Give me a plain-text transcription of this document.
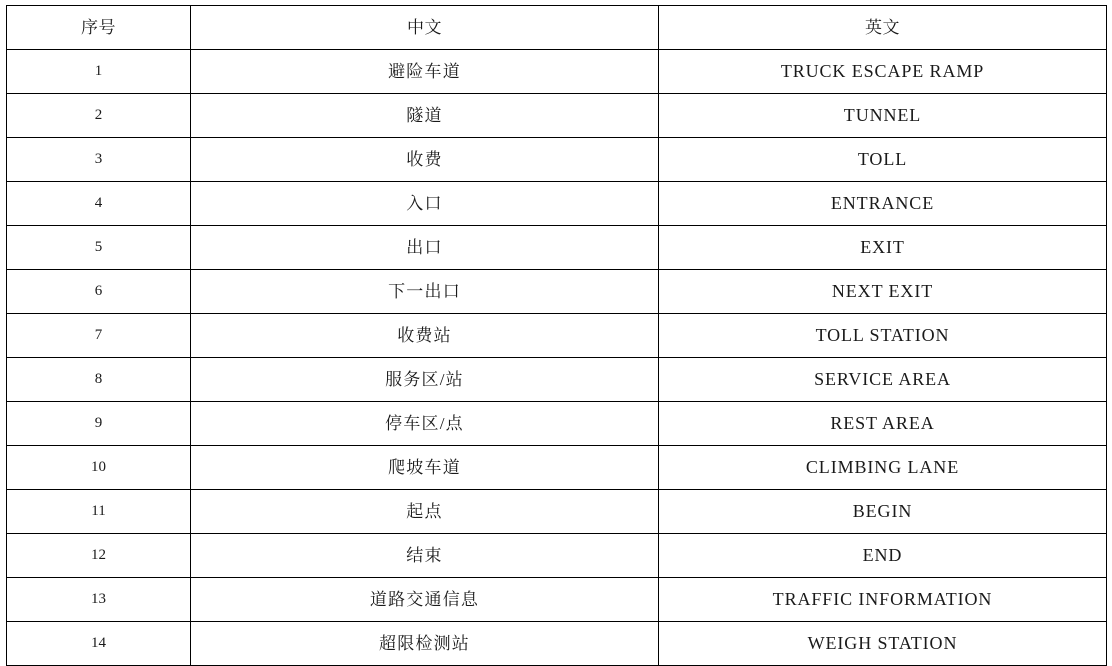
序号	中文	英文
1	避险车道	TRUCK ESCAPE RAMP
2	隧道	TUNNEL
3	收费	TOLL
4	入口	ENTRANCE
5	出口	EXIT
6	下一出口	NEXT EXIT
7	收费站	TOLL STATION
8	服务区/站	SERVICE AREA
9	停车区/点	REST AREA
10	爬坡车道	CLIMBING LANE
11	起点	BEGIN
12	结束	END
13	道路交通信息	TRAFFIC INFORMATION
14	超限检测站	WEIGH STATION
